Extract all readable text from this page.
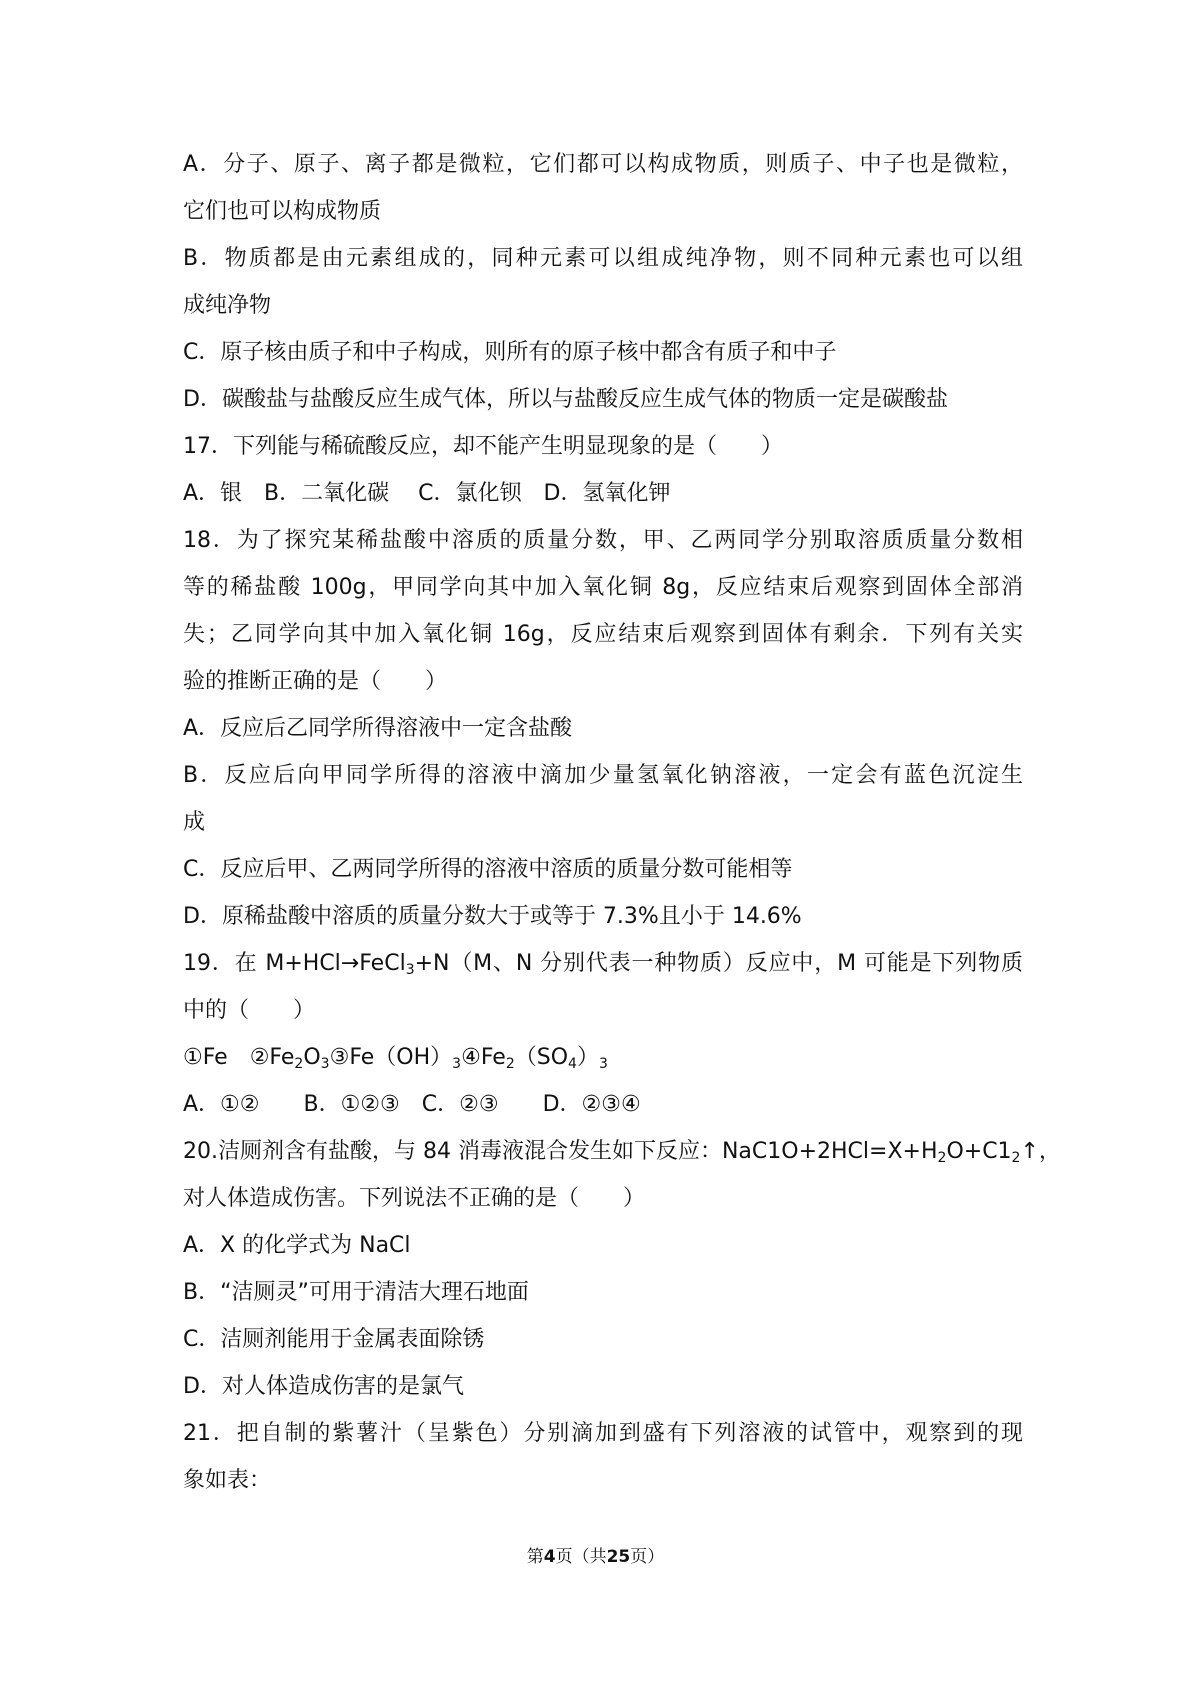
A．分子、原子、离子都是微粒，它们都可以构成物质，则质子、中子也是微粒，
它们也可以构成物质
B．物质都是由元素组成的，同种元素可以组成纯净物，则不同种元素也可以组
成纯净物
C．原子核由质子和中子构成，则所有的原子核中都含有质子和中子
D．碳酸盐与盐酸反应生成气体，所以与盐酸反应生成气体的物质一定是碳酸盐
17．下列能与稀硫酸反应，却不能产生明显现象的是（　　）
A．银　B．二氧化碳　 C．氯化钡　D．氢氧化钾
18．为了探究某稀盐酸中溶质的质量分数，甲、乙两同学分别取溶质质量分数相
等的稀盐酸 100g，甲同学向其中加入氧化铜 8g，反应结束后观察到固体全部消
失；乙同学向其中加入氧化铜 16g，反应结束后观察到固体有剩余．下列有关实
验的推断正确的是（　　）
A．反应后乙同学所得溶液中一定含盐酸
B．反应后向甲同学所得的溶液中滴加少量氢氧化钠溶液，一定会有蓝色沉淀生
成
C．反应后甲、乙两同学所得的溶液中溶质的质量分数可能相等
D．原稀盐酸中溶质的质量分数大于或等于 7.3%且小于 14.6%
19．在 M+HCl→FeCl$_3$+N（M、N 分别代表一种物质）反应中，M 可能是下列物质
中的（　　）
①Fe　$②Fe_2O_3③Fe(OH)_3④Fe_2(SO_4)_3$
A．①②　　B．①②③　C．②③　　D．②③④
20.洁厕剂含有盐酸，与 84 消毒液混合发生如下反应：$NaC1O+2HCl=X+H_2O+C1_2↑$，
对人体造成伤害。下列说法不正确的是（　　）
A．X 的化学式为 NaCl
B．“洁厕灵”可用于清洁大理石地面
C．洁厕剂能用于金属表面除锈
D．对人体造成伤害的是氯气
21．把自制的紫薯汁（呈紫色）分别滴加到盛有下列溶液的试管中，观察到的现
象如表：
第4页（共25页）
